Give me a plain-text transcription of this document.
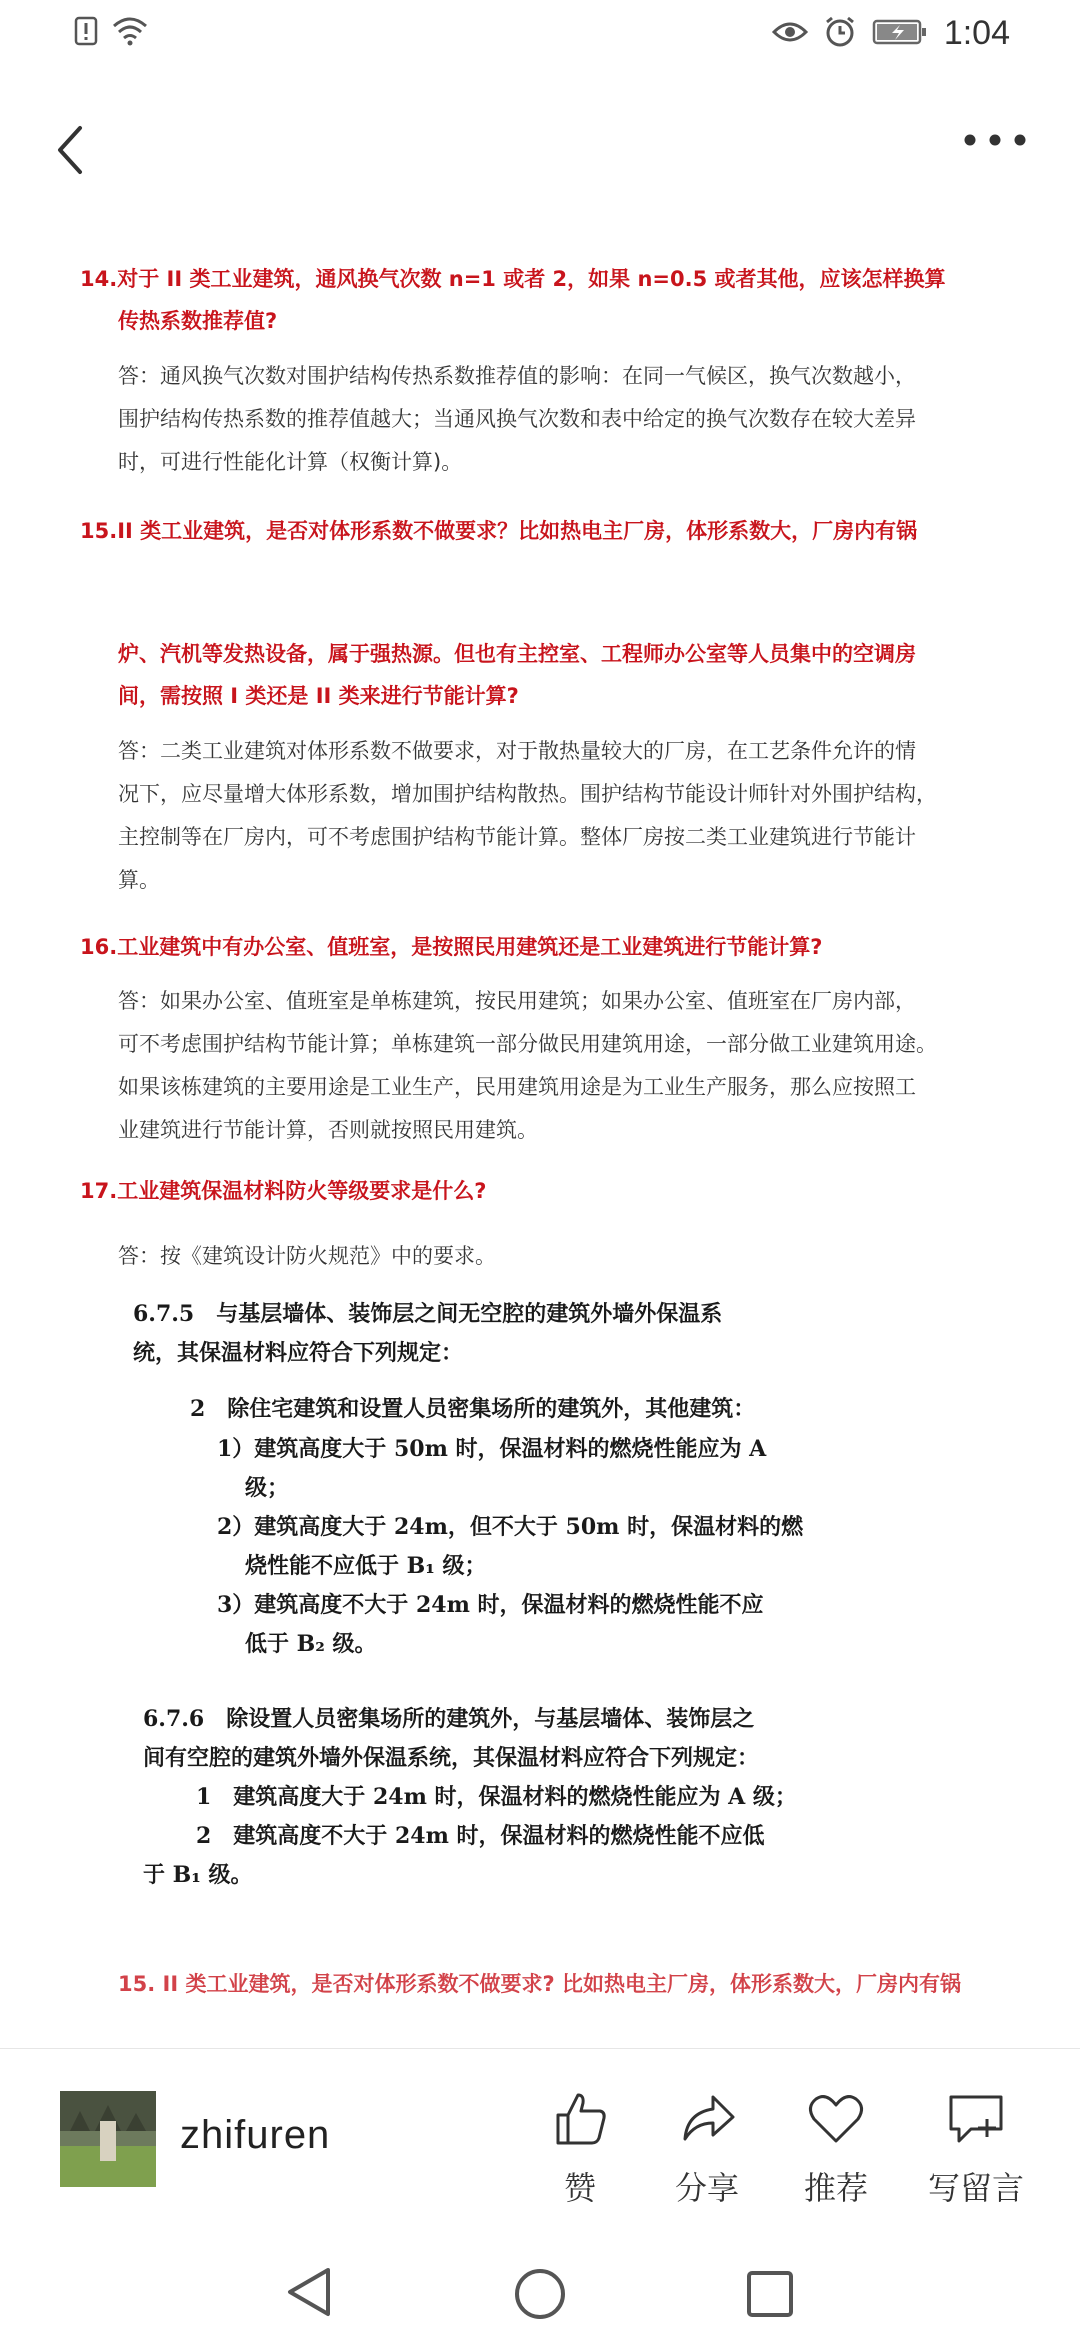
1:04
14.对于 II 类工业建筑，通风换气次数 n=1 或者 2，如果 n=0.5 或者其他，应该怎样换算
传热系数推荐值?
答：通风换气次数对围护结构传热系数推荐值的影响：在同一气候区，换气次数越小，
围护结构传热系数的推荐值越大；当通风换气次数和表中给定的换气次数存在较大差异
时，可进行性能化计算（权衡计算)。
15.II 类工业建筑，是否对体形系数不做要求？比如热电主厂房，体形系数大，厂房内有锅
炉、汽机等发热设备，属于强热源。但也有主控室、工程师办公室等人员集中的空调房
间，需按照 I 类还是 II 类来进行节能计算?
答：二类工业建筑对体形系数不做要求，对于散热量较大的厂房，在工艺条件允许的情
况下，应尽量增大体形系数，增加围护结构散热。围护结构节能设计师针对外围护结构，
主控制等在厂房内，可不考虑围护结构节能计算。整体厂房按二类工业建筑进行节能计
算。
16.工业建筑中有办公室、值班室，是按照民用建筑还是工业建筑进行节能计算?
答：如果办公室、值班室是单栋建筑，按民用建筑；如果办公室、值班室在厂房内部，
可不考虑围护结构节能计算；单栋建筑一部分做民用建筑用途，一部分做工业建筑用途。
如果该栋建筑的主要用途是工业生产，民用建筑用途是为工业生产服务，那么应按照工
业建筑进行节能计算，否则就按照民用建筑。
17.工业建筑保温材料防火等级要求是什么?
答：按《建筑设计防火规范》中的要求。
6.7.5　与基层墙体、装饰层之间无空腔的建筑外墙外保温系
统，其保温材料应符合下列规定：
2　除住宅建筑和设置人员密集场所的建筑外，其他建筑：
1）建筑高度大于 50m 时，保温材料的燃烧性能应为 A
级；
2）建筑高度大于 24m，但不大于 50m 时，保温材料的燃
烧性能不应低于 B₁ 级；
3）建筑高度不大于 24m 时，保温材料的燃烧性能不应
低于 B₂ 级。
6.7.6　除设置人员密集场所的建筑外，与基层墙体、装饰层之
间有空腔的建筑外墙外保温系统，其保温材料应符合下列规定：
1　建筑高度大于 24m 时，保温材料的燃烧性能应为 A 级；
2　建筑高度不大于 24m 时，保温材料的燃烧性能不应低
于 B₁ 级。
15. II 类工业建筑，是否对体形系数不做要求? 比如热电主厂房，体形系数大，厂房内有锅
zhifuren
赞	分享	推荐	写留言
